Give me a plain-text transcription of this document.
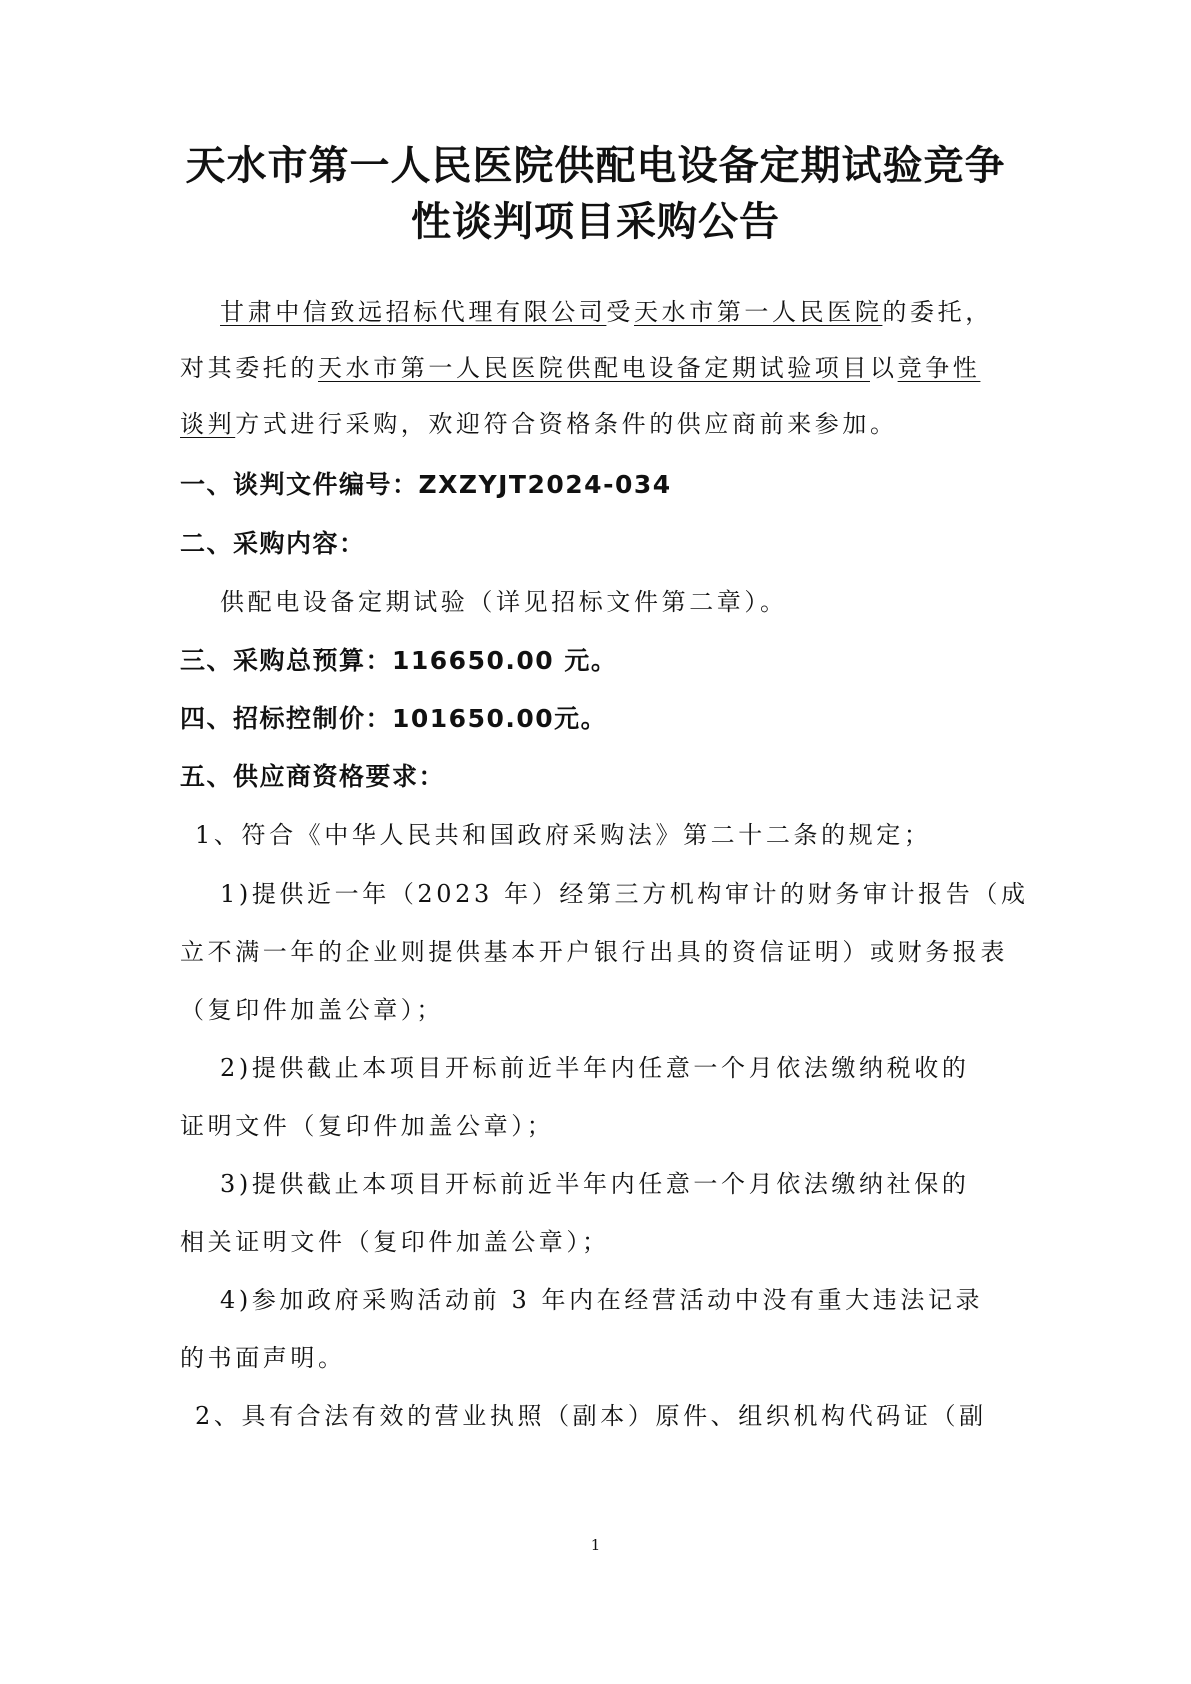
天水市第一人民医院供配电设备定期试验竞争
性谈判项目采购公告
甘肃中信致远招标代理有限公司受天水市第一人民医院的委托，
对其委托的天水市第一人民医院供配电设备定期试验项目以竞争性
谈判方式进行采购，欢迎符合资格条件的供应商前来参加。
一、谈判文件编号：ZXZYJT2024-034
二、采购内容：
供配电设备定期试验（详见招标文件第二章）。
三、采购总预算：116650.00 元。
四、招标控制价：101650.00元。
五、供应商资格要求：
1、符合《中华人民共和国政府采购法》第二十二条的规定；
1)提供近一年（2023 年）经第三方机构审计的财务审计报告（成
立不满一年的企业则提供基本开户银行出具的资信证明）或财务报表
（复印件加盖公章）；
2)提供截止本项目开标前近半年内任意一个月依法缴纳税收的
证明文件（复印件加盖公章）；
3)提供截止本项目开标前近半年内任意一个月依法缴纳社保的
相关证明文件（复印件加盖公章）；
4)参加政府采购活动前 3 年内在经营活动中没有重大违法记录
的书面声明。
2、具有合法有效的营业执照（副本）原件、组织机构代码证（副
1
